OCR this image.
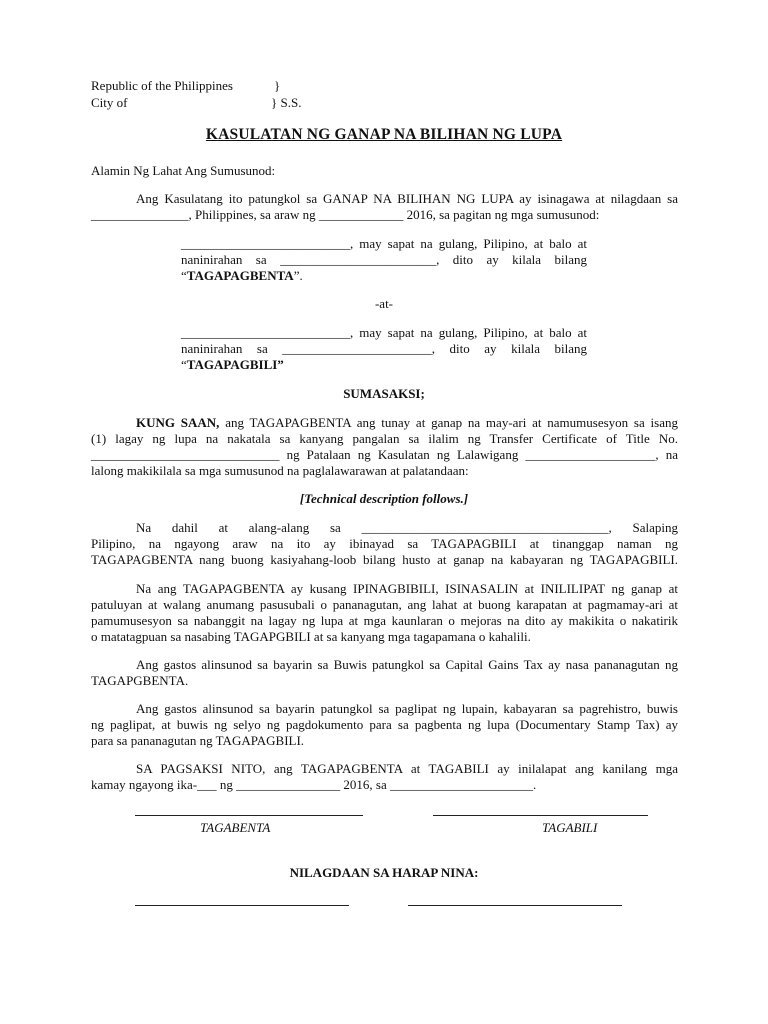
Republic of the Philippines	}
City of	} S.S.
KASULATAN NG GANAP NA BILIHAN NG LUPA
Alamin Ng Lahat Ang Sumusunod:
Ang Kasulatang ito patungkol sa GANAP NA BILIHAN NG LUPA ay isinagawa at nilagdaan sa
_______________, Philippines, sa araw ng _____________ 2016, sa pagitan ng mga sumusunod:
__________________________, may sapat na gulang, Pilipino, at balo at
naninirahan sa ________________________, dito ay kilala bilang
“TAGAPAGBENTA”.
-at-
__________________________, may sapat na gulang, Pilipino, at balo at
naninirahan sa _______________________, dito ay kilala bilang
“TAGAPAGBILI”
SUMASAKSI;
KUNG SAAN, ang TAGAPAGBENTA ang tunay at ganap na may-ari at namumusesyon sa isang
(1) lagay ng lupa na nakatala sa kanyang pangalan sa ilalim ng Transfer Certificate of Title No.
_____________________________ ng Patalaan ng Kasulatan ng Lalawigang ____________________, na
lalong makikilala sa mga sumusunod na paglalawarawan at palatandaan:
[Technical description follows.]
Na dahil at alang-alang sa ______________________________________, Salaping
Pilipino, na ngayong araw na ito ay ibinayad sa TAGAPAGBILI at tinanggap naman ng
TAGAPAGBENTA nang buong kasiyahang-loob bilang husto at ganap na kabayaran ng TAGAPAGBILI.
Na ang TAGAPAGBENTA ay kusang IPINAGBIBILI, ISINASALIN at INILILIPAT ng ganap at
patuluyan at walang anumang pasusubali o pananagutan, ang lahat at buong karapatan at pagmamay-ari at
pamumusesyon sa nabanggit na lagay ng lupa at mga kaunlaran o mejoras na dito ay makikita o nakatirik
o matatagpuan sa nasabing TAGAPGBILI at sa kanyang mga tagapamana o kahalili.
Ang gastos alinsunod sa bayarin sa Buwis patungkol sa Capital Gains Tax ay nasa pananagutan ng
TAGAPGBENTA.
Ang gastos alinsunod sa bayarin patungkol sa paglipat ng lupain, kabayaran sa pagrehistro, buwis
ng paglipat, at buwis ng selyo ng pagdokumento para sa pagbenta ng lupa (Documentary Stamp Tax) ay
para sa pananagutan ng TAGAPAGBILI.
SA PAGSAKSI NITO, ang TAGAPAGBENTA at TAGABILI ay inilalapat ang kanilang mga
kamay ngayong ika-___ ng ________________ 2016, sa ______________________.
TAGABENTA	TAGABILI
NILAGDAAN SA HARAP NINA:
